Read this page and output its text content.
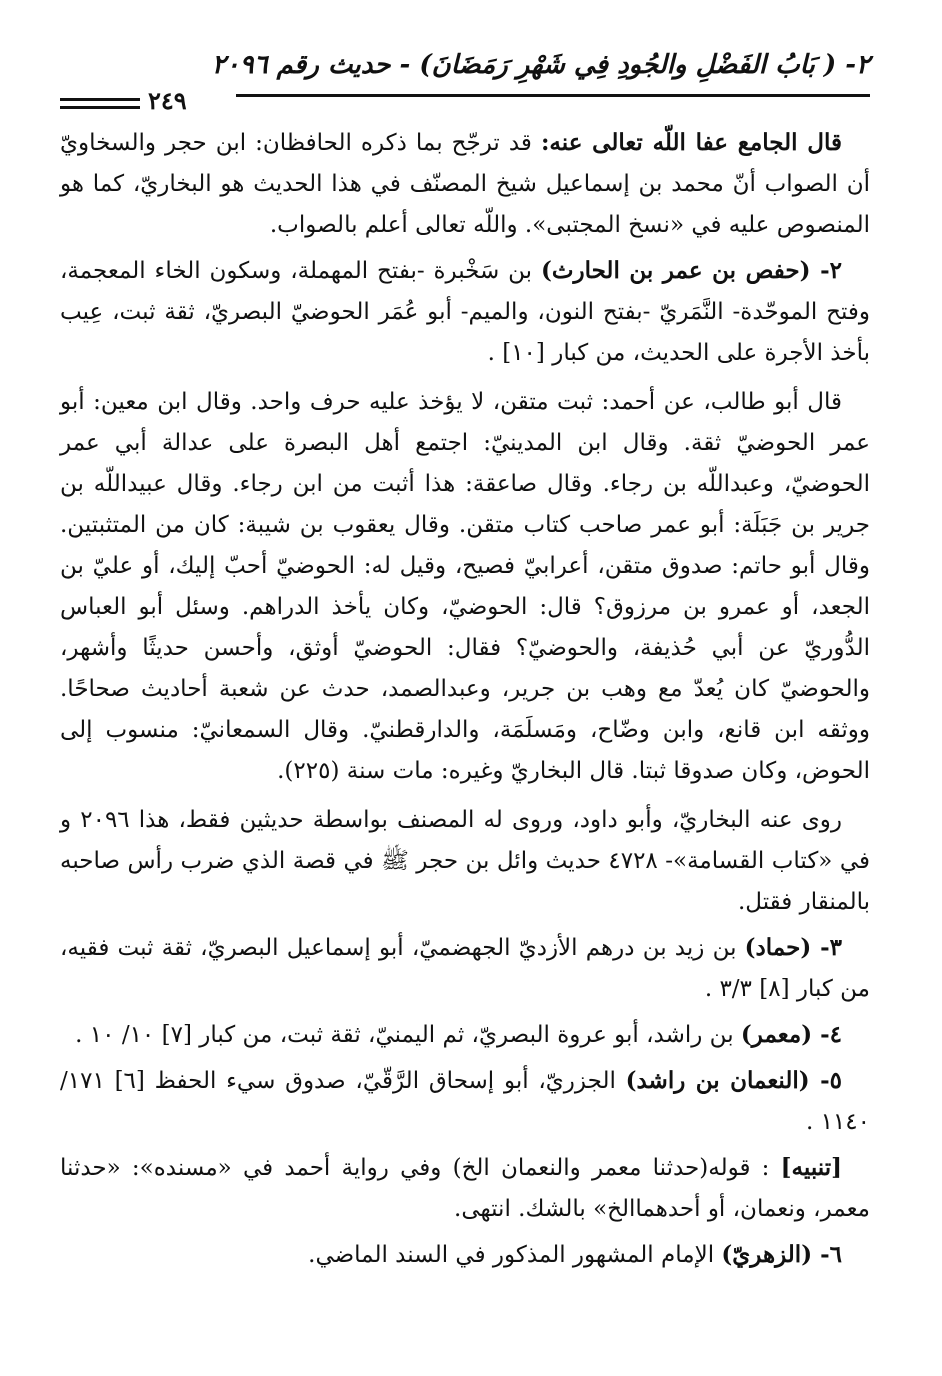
٢- ( بَابُ الفَضْلِ والجُودِ فِي شَهْرِ رَمَضَانَ) - حديث رقم ٢٠٩٦
٢٤٩

قال الجامع عفا اللّه تعالى عنه: قد ترجّح بما ذكره الحافظان: ابن حجر والسخاويّ أن الصواب أنّ محمد بن إسماعيل شيخ المصنّف في هذا الحديث هو البخاريّ، كما هو المنصوص عليه في «نسخ المجتبى». واللّه تعالى أعلم بالصواب.

٢- (حفص بن عمر بن الحارث) بن سَخْبرة -بفتح المهملة، وسكون الخاء المعجمة، وفتح الموحّدة- النَّمَريّ -بفتح النون، والميم- أبو عُمَر الحوضيّ البصريّ، ثقة ثبت، عِيب بأخذ الأجرة على الحديث، من كبار [١٠] .

قال أبو طالب، عن أحمد: ثبت متقن، لا يؤخذ عليه حرف واحد. وقال ابن معين: أبو عمر الحوضيّ ثقة. وقال ابن المدينيّ: اجتمع أهل البصرة على عدالة أبي عمر الحوضيّ، وعبداللّه بن رجاء. وقال صاعقة: هذا أثبت من ابن رجاء. وقال عبيداللّه بن جرير بن جَبَلَة: أبو عمر صاحب كتاب متقن. وقال يعقوب بن شيبة: كان من المتثبتين. وقال أبو حاتم: صدوق متقن، أعرابيّ فصيح، وقيل له: الحوضيّ أحبّ إليك، أو عليّ بن الجعد، أو عمرو بن مرزوق؟ قال: الحوضيّ، وكان يأخذ الدراهم. وسئل أبو العباس الدُّوريّ عن أبي حُذيفة، والحوضيّ؟ فقال: الحوضيّ أوثق، وأحسن حديثًا وأشهر، والحوضيّ كان يُعدّ مع وهب بن جرير، وعبدالصمد، حدث عن شعبة أحاديث صحاحًا. ووثقه ابن قانع، وابن وضّاح، ومَسلَمَة، والدارقطنيّ. وقال السمعانيّ: منسوب إلى الحوض، وكان صدوقا ثبتا. قال البخاريّ وغيره: مات سنة (٢٢٥).

روى عنه البخاريّ، وأبو داود، وروى له المصنف بواسطة حديثين فقط، هذا ٢٠٩٦ و في «كتاب القسامة»- ٤٧٢٨ حديث وائل بن حجر ﷺ في قصة الذي ضرب رأس صاحبه بالمنقار فقتل.

٣- (حماد) بن زيد بن درهم الأزديّ الجهضميّ، أبو إسماعيل البصريّ، ثقة ثبت فقيه، من كبار [٨] ٣/٣ .

٤- (معمر) بن راشد، أبو عروة البصريّ، ثم اليمنيّ، ثقة ثبت، من كبار [٧] ١٠/ ١٠ .

٥- (النعمان بن راشد) الجزريّ، أبو إسحاق الرَّقّيّ، صدوق سيء الحفظ [٦] ١٧١/ ١١٤٠ .

[تنبيه] : قوله(حدثنا معمر والنعمان الخ) وفي رواية أحمد في «مسنده»: «حدثنا معمر، ونعمان، أو أحدهماالخ» بالشك. انتهى.

٦- (الزهريّ) الإمام المشهور المذكور في السند الماضي.
